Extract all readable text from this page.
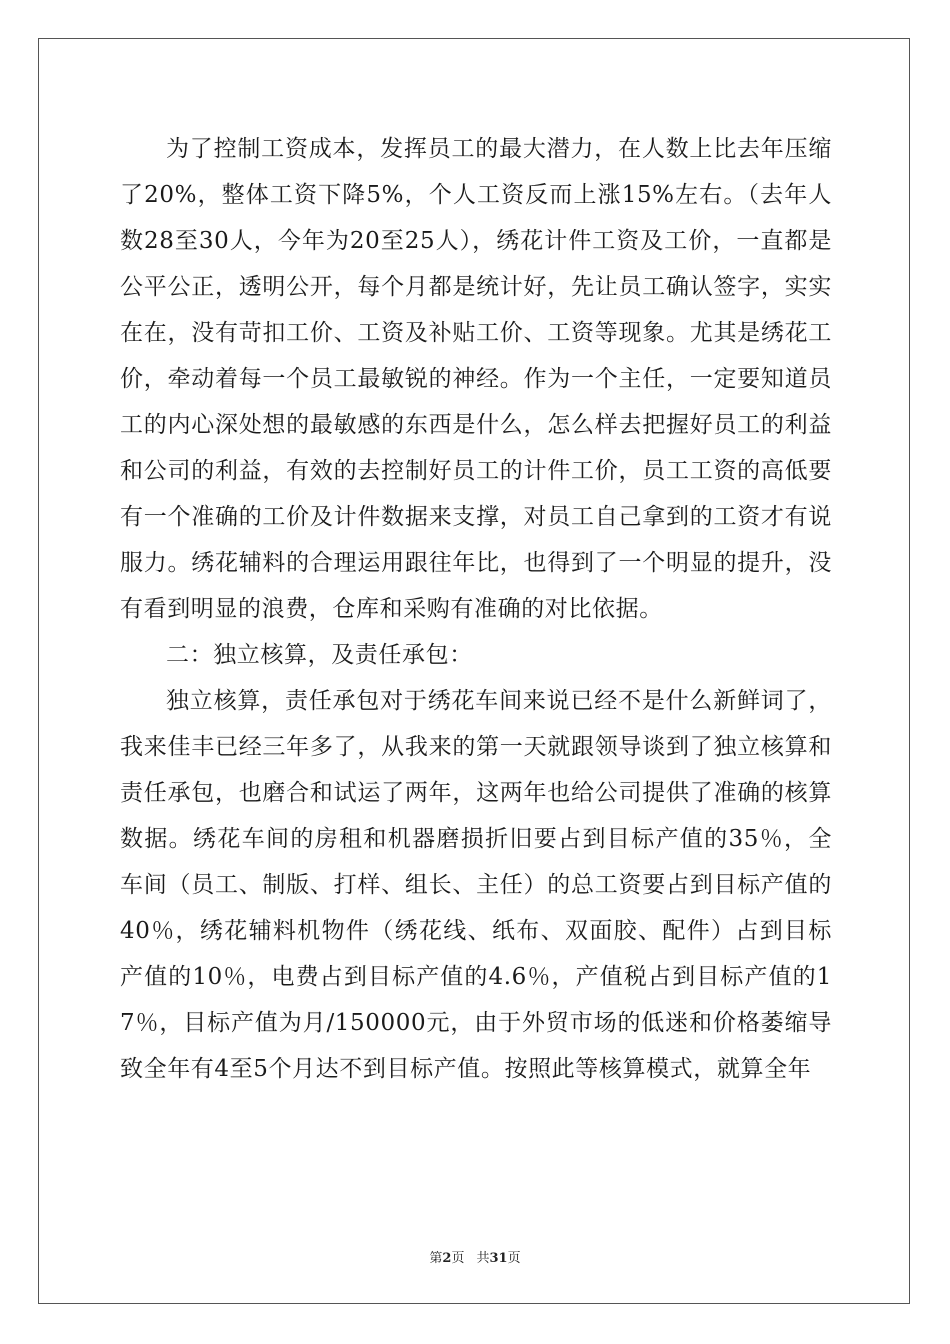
为了控制工资成本，发挥员工的最大潜力，在人数上比去年压缩了20%，整体工资下降5%，个人工资反而上涨15%左右。（去年人数28至30人，今年为20至25人），绣花计件工资及工价，一直都是公平公正，透明公开，每个月都是统计好，先让员工确认签字，实实在在，没有苛扣工价、工资及补贴工价、工资等现象。尤其是绣花工价，牵动着每一个员工最敏锐的神经。作为一个主任，一定要知道员工的内心深处想的最敏感的东西是什么，怎么样去把握好员工的利益和公司的利益，有效的去控制好员工的计件工价，员工工资的高低要有一个准确的工价及计件数据来支撑，对员工自己拿到的工资才有说服力。绣花辅料的合理运用跟往年比，也得到了一个明显的提升，没有看到明显的浪费，仓库和采购有准确的对比依据。

二：独立核算，及责任承包：

独立核算，责任承包对于绣花车间来说已经不是什么新鲜词了，我来佳丰已经三年多了，从我来的第一天就跟领导谈到了独立核算和责任承包，也磨合和试运了两年，这两年也给公司提供了准确的核算数据。绣花车间的房租和机器磨损折旧要占到目标产值的35％，全车间（员工、制版、打样、组长、主任）的总工资要占到目标产值的40％，绣花辅料机物件（绣花线、纸布、双面胶、配件）占到目标产值的10％，电费占到目标产值的4.6％，产值税占到目标产值的17％，目标产值为月/150000元，由于外贸市场的低迷和价格萎缩导致全年有4至5个月达不到目标产值。按照此等核算模式，就算全年

第2页 共31页
